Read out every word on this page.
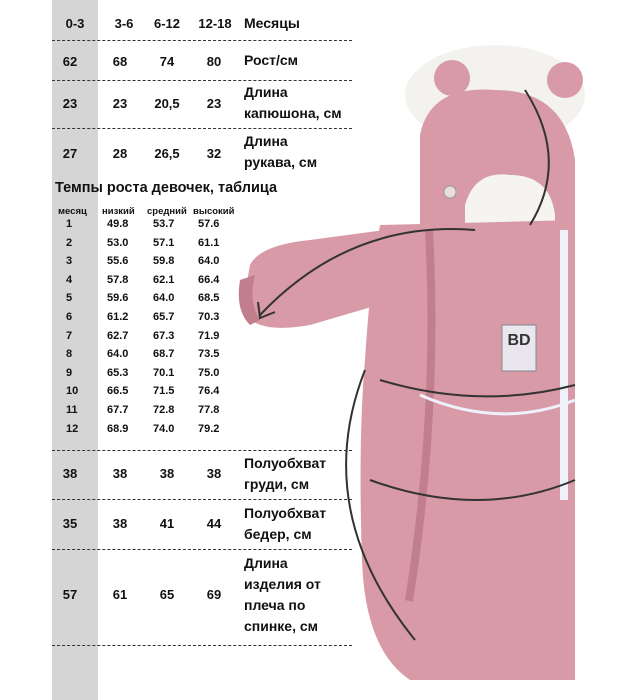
BD
0-3	3-6	6-12	12-18 Месяцы
62	68	74	80	Рост/см
23	23	20,5	23
Длина
капюшона, см
27	28	26,5	32
Длина
рукава, см
Темпы роста девочек, таблица
месяц низкий средний высокий
1	49.8 53.7 57.6
2	53.0 57.1 61.1
3	55.6 59.8 64.0
4	57.8 62.1 66.4
5	59.6 64.0 68.5
6	61.2 65.7 70.3
7	62.7 67.3 71.9
8	64.0 68.7 73.5
9	65.3 70.1 75.0
10	66.5 71.5 76.4
11	67.7 72.8 77.8
12	68.9 74.0 79.2
38	38	38	38
Полуобхват
груди, см
35	38	41	44
Полуобхват
бедер, см
57	61	65	69
Длина
изделия от
плеча по
спинке, см
